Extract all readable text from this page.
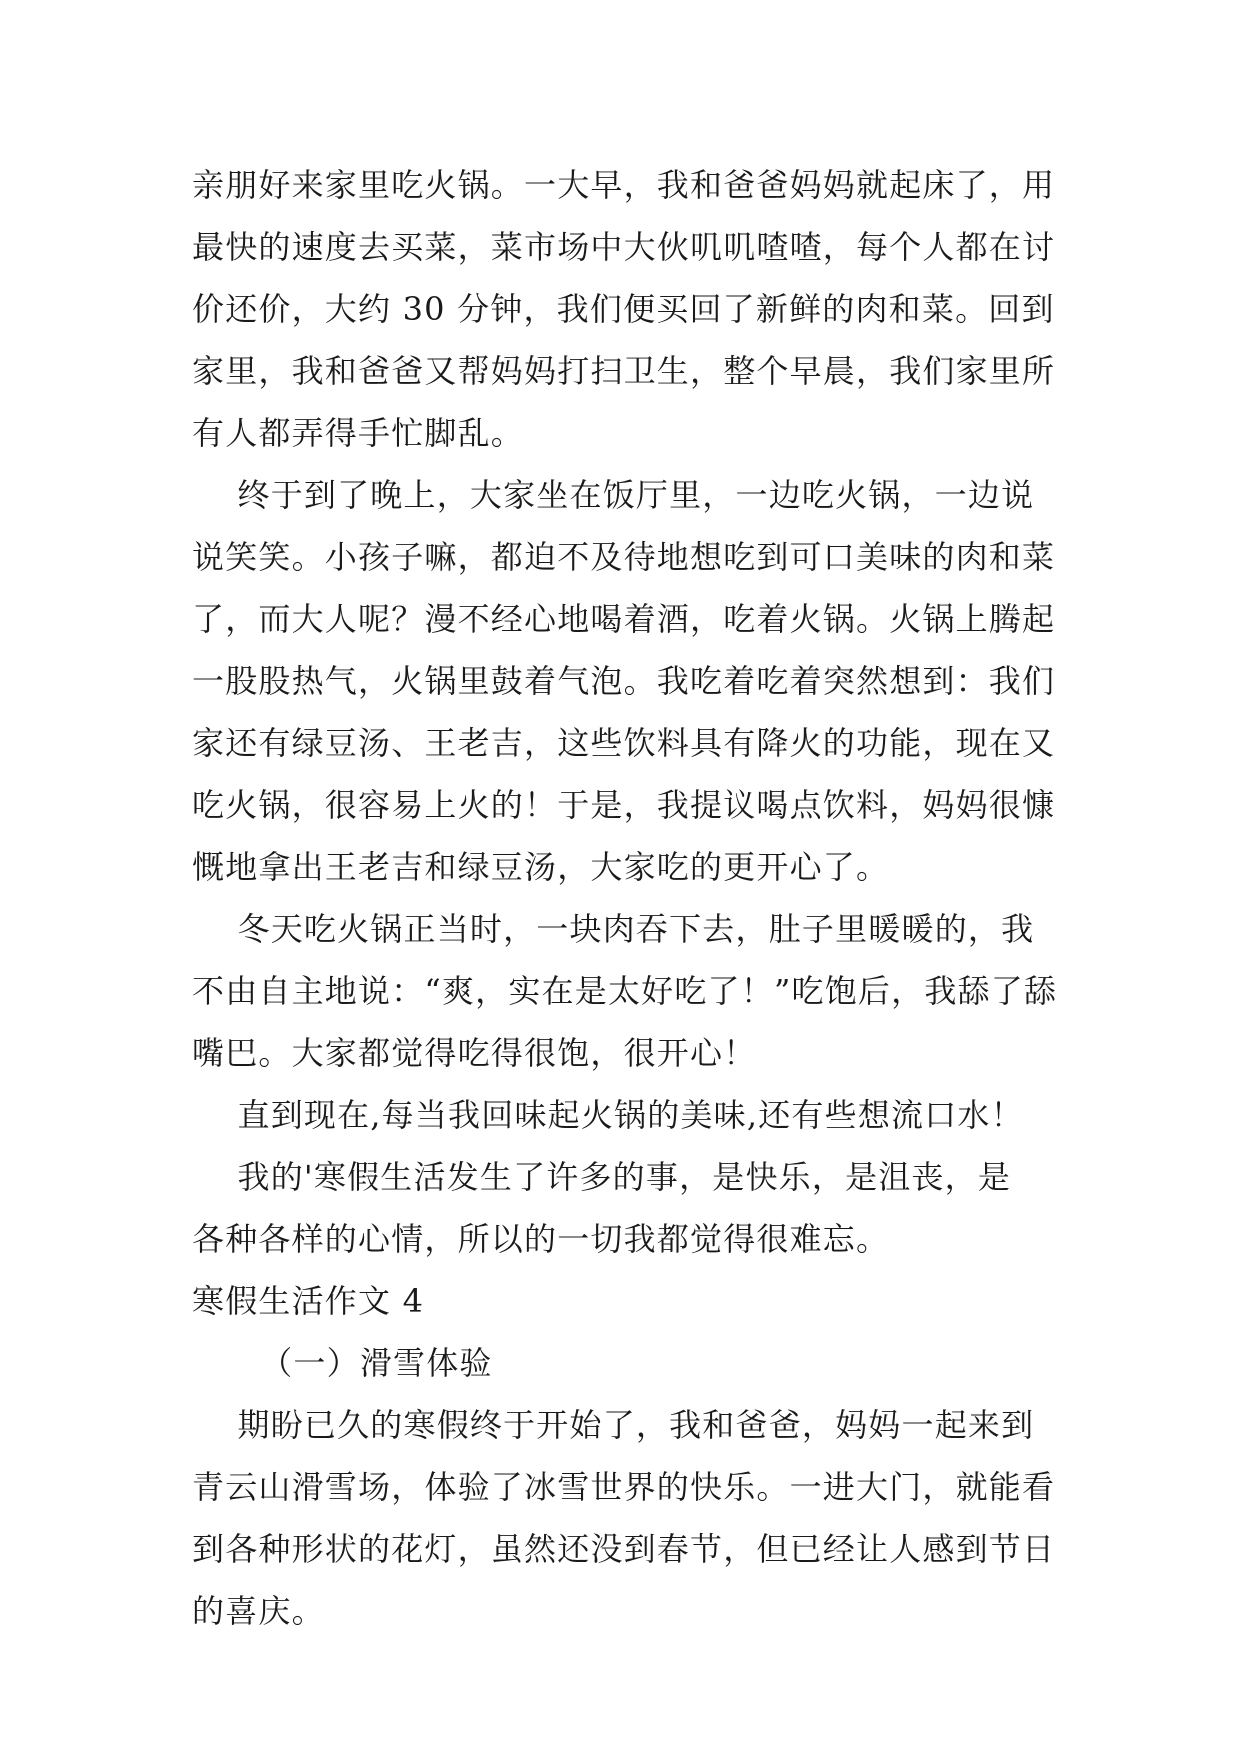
亲朋好来家里吃火锅。一大早，我和爸爸妈妈就起床了，用
最快的速度去买菜，菜市场中大伙叽叽喳喳，每个人都在讨
价还价，大约 30 分钟，我们便买回了新鲜的肉和菜。回到
家里，我和爸爸又帮妈妈打扫卫生，整个早晨，我们家里所
有人都弄得手忙脚乱。
终于到了晚上，大家坐在饭厅里，一边吃火锅，一边说
说笑笑。小孩子嘛，都迫不及待地想吃到可口美味的肉和菜
了，而大人呢？漫不经心地喝着酒，吃着火锅。火锅上腾起
一股股热气，火锅里鼓着气泡。我吃着吃着突然想到：我们
家还有绿豆汤、王老吉，这些饮料具有降火的功能，现在又
吃火锅，很容易上火的！于是，我提议喝点饮料，妈妈很慷
慨地拿出王老吉和绿豆汤，大家吃的更开心了。
冬天吃火锅正当时，一块肉吞下去，肚子里暖暖的，我
不由自主地说：“爽，实在是太好吃了！”吃饱后，我舔了舔
嘴巴。大家都觉得吃得很饱，很开心！
直到现在,每当我回味起火锅的美味,还有些想流口水！
我的'寒假生活发生了许多的事，是快乐，是沮丧，是
各种各样的心情，所以的一切我都觉得很难忘。
寒假生活作文 4
（一）滑雪体验
期盼已久的寒假终于开始了，我和爸爸，妈妈一起来到
青云山滑雪场，体验了冰雪世界的快乐。一进大门，就能看
到各种形状的花灯，虽然还没到春节，但已经让人感到节日
的喜庆。
